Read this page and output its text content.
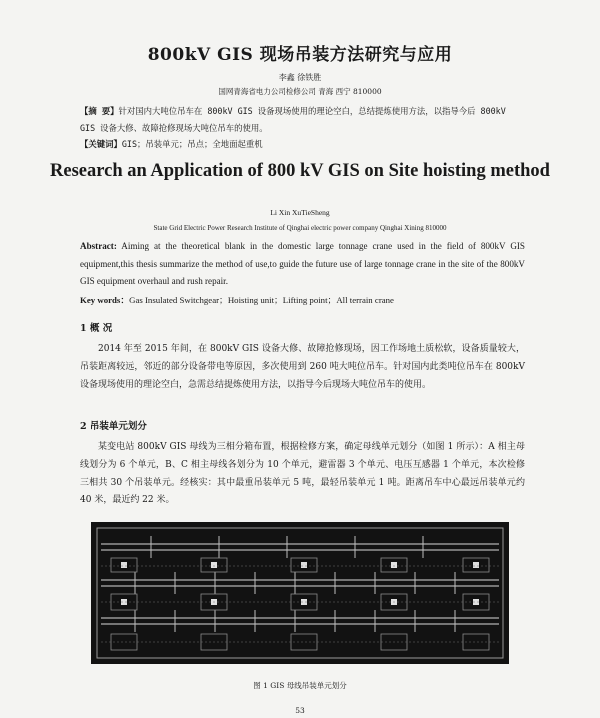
800kV GIS 现场吊装方法研究与应用
李鑫 徐铁胜
国网青海省电力公司检修公司 青海 西宁 810000
【摘 要】针对国内大吨位吊车在 800kV GIS 设备现场使用的理论空白，总结提炼使用方法，以指导今后 800kV GIS 设备大修、故障抢修现场大吨位吊车的使用。
【关键词】GIS；吊装单元；吊点；全地面起重机
Research an Application of 800 kV GIS on Site hoisting method
Li Xin XuTieSheng
State Grid Electric Power Research Institute of Qinghai electric power company Qinghai Xining 810000
Abstract: Aiming at the theoretical blank in the domestic large tonnage crane used in the field of 800kV GIS equipment,this thesis summarize the method of use,to guide the future use of large tonnage crane in the site of the 800kV GIS equipment overhaul and rush repair.
Key words：Gas Insulated Switchgear；Hoisting unit；Lifting point；All terrain crane
1 概 况
2014 年至 2015 年间，在 800kV GIS 设备大修、故障抢修现场，因工作场地土质松软，设备质量较大，吊装距离较远，邻近的部分设备带电等原因，多次使用到 260 吨大吨位吊车。针对国内此类吨位吊车在 800kV 设备现场使用的理论空白，急需总结提炼使用方法，以指导今后现场大吨位吊车的使用。
2 吊装单元划分
某变电站 800kV GIS 母线为三相分箱布置，根据检修方案，确定母线单元划分（如图 1 所示）：A 相主母线划分为 6 个单元，B、C 相主母线各划分为 10 个单元，避雷器 3 个单元、电压互感器 1 个单元，本次检修三相共 30 个吊装单元。经核实：其中最重吊装单元 5 吨，最轻吊装单元 1 吨。距离吊车中心最远吊装单元约 40 米，最近约 22 米。
图 1 GIS 母线吊装单元划分
53
